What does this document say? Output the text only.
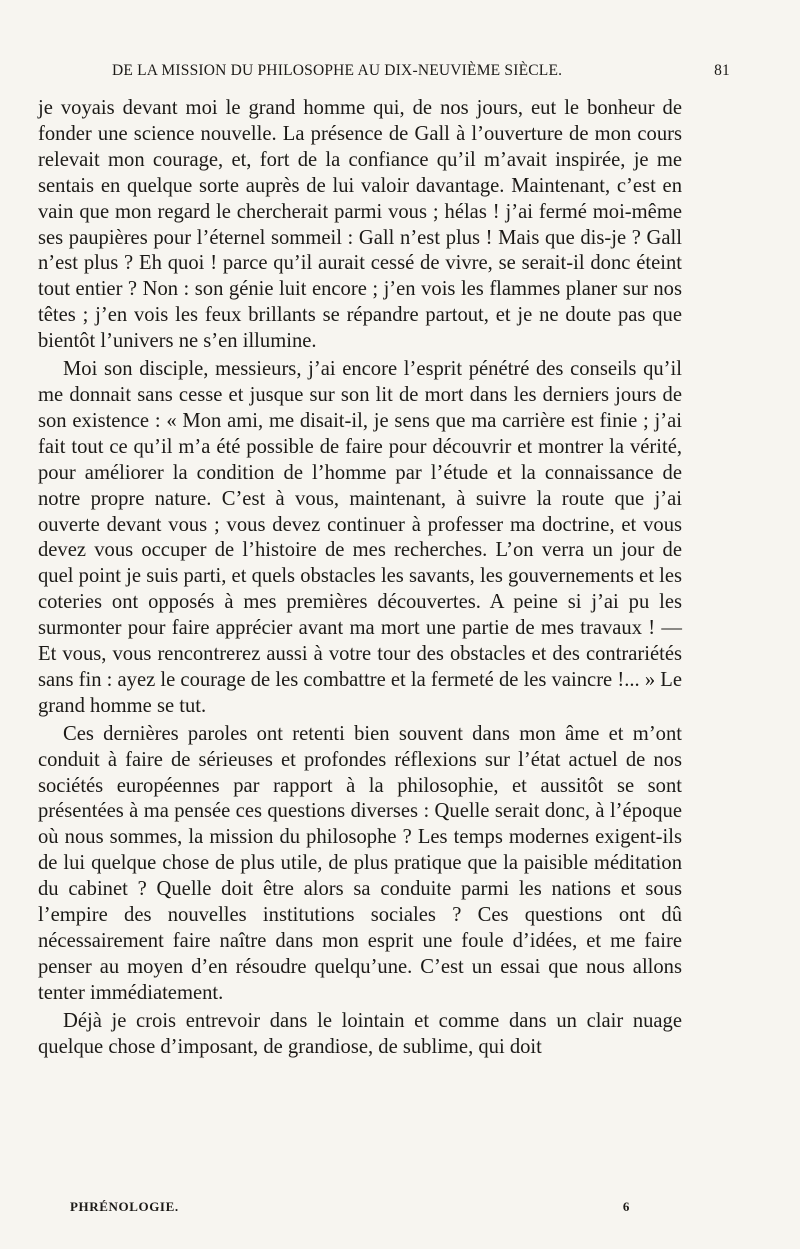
DE LA MISSION DU PHILOSOPHE AU DIX-NEUVIÈME SIÈCLE.	81

je voyais devant moi le grand homme qui, de nos jours, eut le bonheur de fonder une science nouvelle. La présence de Gall à l’ouverture de mon cours relevait mon courage, et, fort de la confiance qu’il m’avait inspirée, je me sentais en quelque sorte auprès de lui valoir davantage. Maintenant, c’est en vain que mon regard le chercherait parmi vous ; hélas ! j’ai fermé moi-même ses paupières pour l’éternel sommeil : Gall n’est plus ! Mais que dis-je ? Gall n’est plus ? Eh quoi ! parce qu’il aurait cessé de vivre, se serait-il donc éteint tout entier ? Non : son génie luit encore ; j’en vois les flammes planer sur nos têtes ; j’en vois les feux brillants se répandre partout, et je ne doute pas que bientôt l’univers ne s’en illumine.

Moi son disciple, messieurs, j’ai encore l’esprit pénétré des conseils qu’il me donnait sans cesse et jusque sur son lit de mort dans les derniers jours de son existence : « Mon ami, me disait-il, je sens que ma carrière est finie ; j’ai fait tout ce qu’il m’a été possible de faire pour découvrir et montrer la vérité, pour améliorer la condition de l’homme par l’étude et la connaissance de notre propre nature. C’est à vous, maintenant, à suivre la route que j’ai ouverte devant vous ; vous devez continuer à professer ma doctrine, et vous devez vous occuper de l’histoire de mes recherches. L’on verra un jour de quel point je suis parti, et quels obstacles les savants, les gouvernements et les coteries ont opposés à mes premières découvertes. A peine si j’ai pu les surmonter pour faire apprécier avant ma mort une partie de mes travaux ! — Et vous, vous rencontrerez aussi à votre tour des obstacles et des contrariétés sans fin : ayez le courage de les combattre et la fermeté de les vaincre !... » Le grand homme se tut.

Ces dernières paroles ont retenti bien souvent dans mon âme et m’ont conduit à faire de sérieuses et profondes réflexions sur l’état actuel de nos sociétés européennes par rapport à la philosophie, et aussitôt se sont présentées à ma pensée ces questions diverses : Quelle serait donc, à l’époque où nous sommes, la mission du philosophe ? Les temps modernes exigent-ils de lui quelque chose de plus utile, de plus pratique que la paisible méditation du cabinet ? Quelle doit être alors sa conduite parmi les nations et sous l’empire des nouvelles institutions sociales ? Ces questions ont dû nécessairement faire naître dans mon esprit une foule d’idées, et me faire penser au moyen d’en résoudre quelqu’une. C’est un essai que nous allons tenter immédiatement.

Déjà je crois entrevoir dans le lointain et comme dans un clair nuage quelque chose d’imposant, de grandiose, de sublime, qui doit

PHRÉNOLOGIE.	6
